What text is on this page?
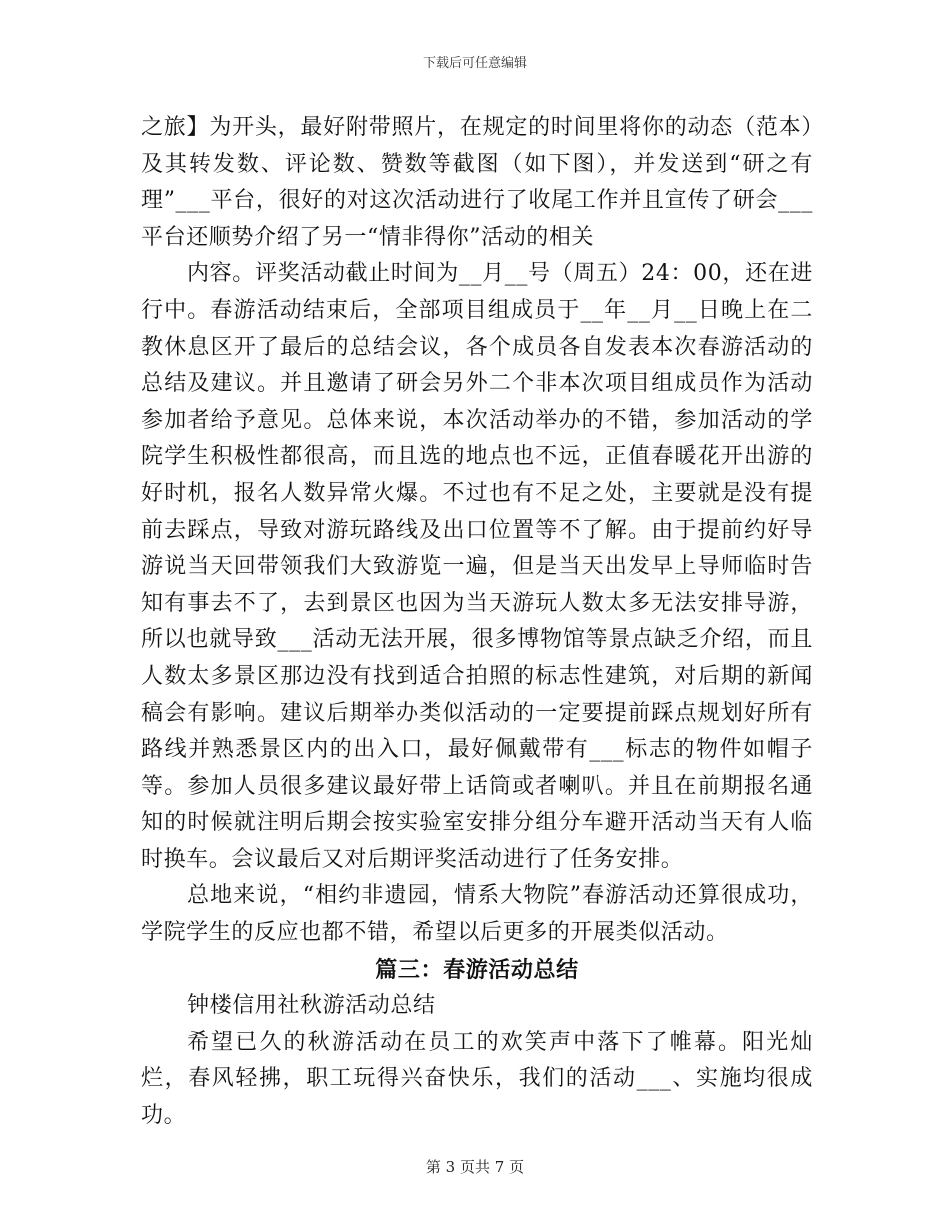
下载后可任意编辑

之旅】为开头，最好附带照片，在规定的时间里将你的动态（范本）及其转发数、评论数、赞数等截图（如下图），并发送到“研之有理”___平台，很好的对这次活动进行了收尾工作并且宣传了研会___平台还顺势介绍了另一“情非得你”活动的相关

内容。评奖活动截止时间为__月__号（周五）24：00，还在进行中。春游活动结束后，全部项目组成员于__年__月__日晚上在二教休息区开了最后的总结会议，各个成员各自发表本次春游活动的总结及建议。并且邀请了研会另外二个非本次项目组成员作为活动参加者给予意见。总体来说，本次活动举办的不错，参加活动的学院学生积极性都很高，而且选的地点也不远，正值春暖花开出游的好时机，报名人数异常火爆。不过也有不足之处，主要就是没有提前去踩点，导致对游玩路线及出口位置等不了解。由于提前约好导游说当天回带领我们大致游览一遍，但是当天出发早上导师临时告知有事去不了，去到景区也因为当天游玩人数太多无法安排导游，所以也就导致___活动无法开展，很多博物馆等景点缺乏介绍，而且人数太多景区那边没有找到适合拍照的标志性建筑，对后期的新闻稿会有影响。建议后期举办类似活动的一定要提前踩点规划好所有路线并熟悉景区内的出入口，最好佩戴带有___标志的物件如帽子等。参加人员很多建议最好带上话筒或者喇叭。并且在前期报名通知的时候就注明后期会按实验室安排分组分车避开活动当天有人临时换车。会议最后又对后期评奖活动进行了任务安排。

总地来说，“相约非遗园，情系大物院”春游活动还算很成功，学院学生的反应也都不错，希望以后更多的开展类似活动。

篇三：春游活动总结

钟楼信用社秋游活动总结

希望已久的秋游活动在员工的欢笑声中落下了帷幕。阳光灿烂，春风轻拂，职工玩得兴奋快乐，我们的活动___、实施均很成功。

第 3 页共 7 页
